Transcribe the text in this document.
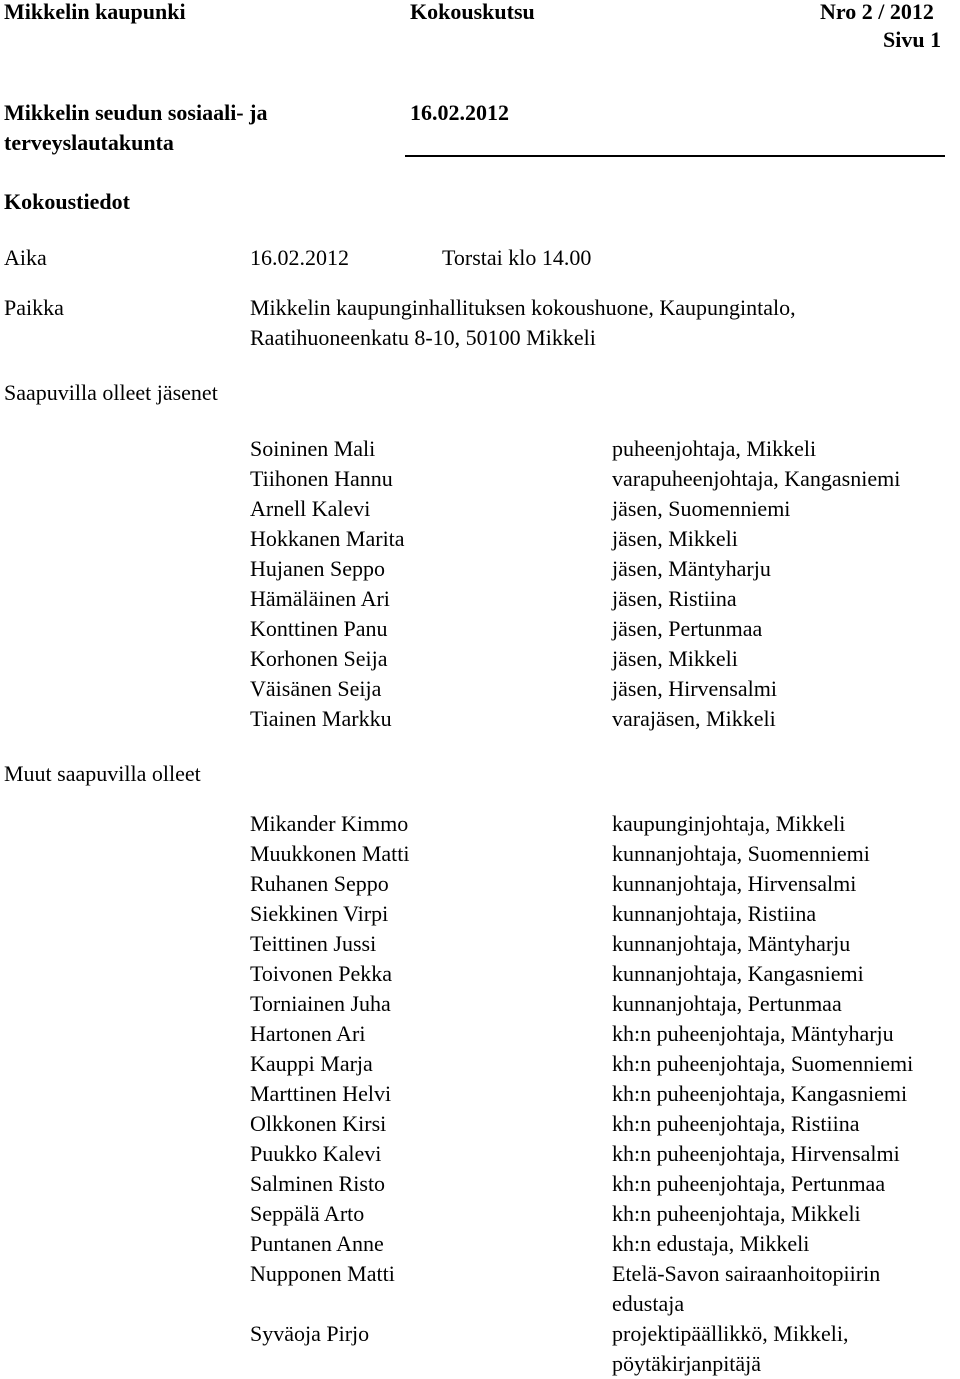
Mikkelin kaupunki	Kokouskutsu	Nro 2 / 2012
Sivu 1
Mikkelin seudun sosiaali- ja
terveyslautakunta
16.02.2012
Kokoustiedot
Aika	16.02.2012	Torstai klo 14.00
Paikka	Mikkelin kaupunginhallituksen kokoushuone, Kaupungintalo,
Raatihuoneenkatu 8-10, 50100 Mikkeli
Saapuvilla olleet jäsenet
Soininen Mali	puheenjohtaja, Mikkeli
Tiihonen Hannu	varapuheenjohtaja, Kangasniemi
Arnell Kalevi	jäsen, Suomenniemi
Hokkanen Marita	jäsen, Mikkeli
Hujanen Seppo	jäsen, Mäntyharju
Hämäläinen Ari	jäsen, Ristiina
Konttinen Panu	jäsen, Pertunmaa
Korhonen Seija	jäsen, Mikkeli
Väisänen Seija	jäsen, Hirvensalmi
Tiainen Markku	varajäsen, Mikkeli
Muut saapuvilla olleet
Mikander Kimmo	kaupunginjohtaja, Mikkeli
Muukkonen Matti	kunnanjohtaja, Suomenniemi
Ruhanen Seppo	kunnanjohtaja, Hirvensalmi
Siekkinen Virpi	kunnanjohtaja, Ristiina
Teittinen Jussi	kunnanjohtaja, Mäntyharju
Toivonen Pekka	kunnanjohtaja, Kangasniemi
Torniainen Juha	kunnanjohtaja, Pertunmaa
Hartonen Ari	kh:n puheenjohtaja, Mäntyharju
Kauppi Marja	kh:n puheenjohtaja, Suomenniemi
Marttinen Helvi	kh:n puheenjohtaja, Kangasniemi
Olkkonen Kirsi	kh:n puheenjohtaja, Ristiina
Puukko Kalevi	kh:n puheenjohtaja, Hirvensalmi
Salminen Risto	kh:n puheenjohtaja, Pertunmaa
Seppälä Arto	kh:n puheenjohtaja, Mikkeli
Puntanen Anne	kh:n edustaja, Mikkeli
Nupponen Matti	Etelä-Savon sairaanhoitopiirin
edustaja
Syväoja Pirjo	projektipäällikkö, Mikkeli,
pöytäkirjanpitäjä
